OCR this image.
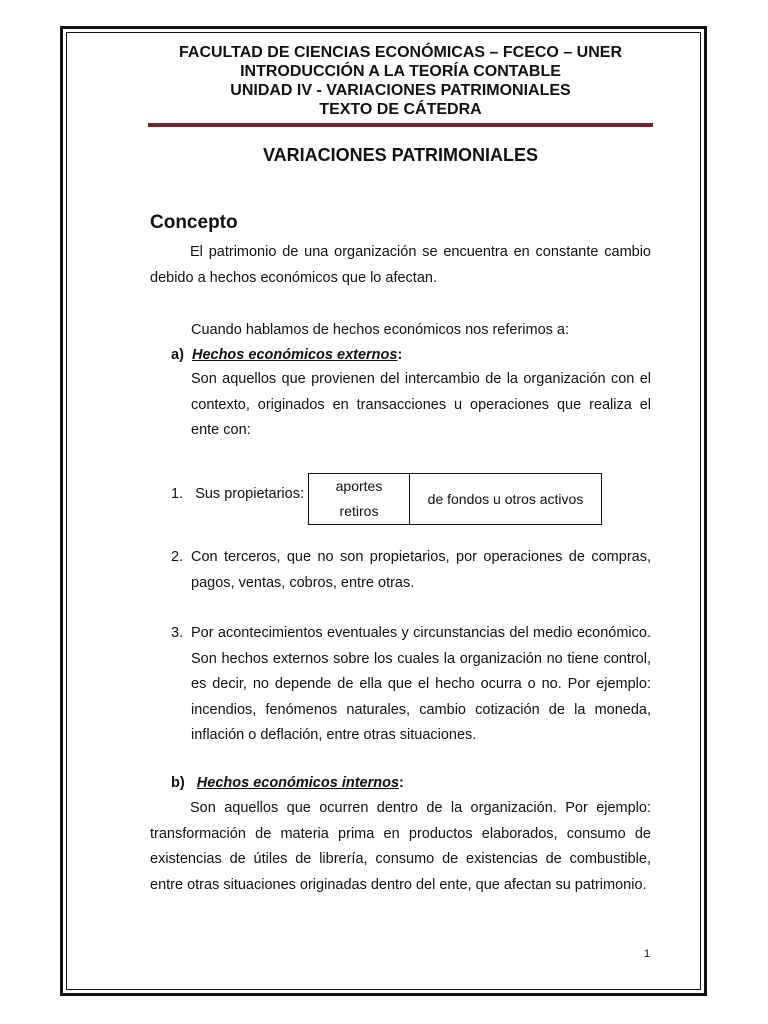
FACULTAD DE CIENCIAS ECONÓMICAS – FCECO – UNER
INTRODUCCIÓN A LA TEORÍA CONTABLE
UNIDAD IV - VARIACIONES PATRIMONIALES
TEXTO DE CÁTEDRA
VARIACIONES PATRIMONIALES
Concepto
El patrimonio de una organización se encuentra en constante cambio debido a hechos económicos que lo afectan.
Cuando hablamos de hechos económicos nos referimos a:
a) Hechos económicos externos:
Son aquellos que provienen del intercambio de la organización con el contexto, originados en transacciones u operaciones que realiza el ente con:
1. Sus propietarios:	aportes
retiros
de fondos u otros activos
2. Con terceros, que no son propietarios, por operaciones de compras, pagos, ventas, cobros, entre otras.
3. Por acontecimientos eventuales y circunstancias del medio económico. Son hechos externos sobre los cuales la organización no tiene control, es decir, no depende de ella que el hecho ocurra o no. Por ejemplo: incendios, fenómenos naturales, cambio cotización de la moneda, inflación o deflación, entre otras situaciones.
b) Hechos económicos internos:
Son aquellos que ocurren dentro de la organización. Por ejemplo: transformación de materia prima en productos elaborados, consumo de existencias de útiles de librería, consumo de existencias de combustible, entre otras situaciones originadas dentro del ente, que afectan su patrimonio.
1
